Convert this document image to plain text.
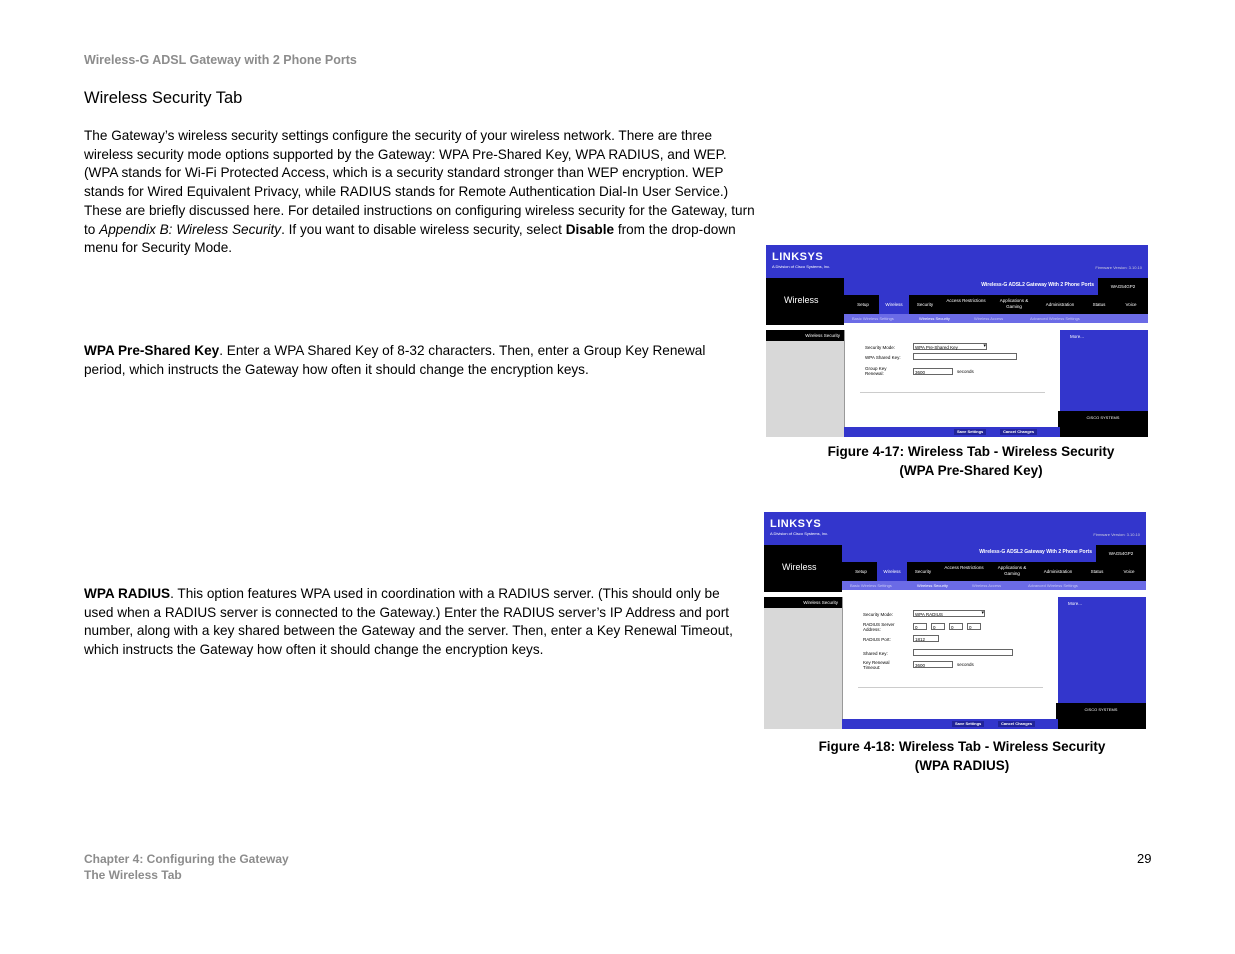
Wireless-G ADSL Gateway with 2 Phone Ports
Wireless Security Tab
The Gateway’s wireless security settings configure the security of your wireless network. There are three wireless security mode options supported by the Gateway: WPA Pre-Shared Key, WPA RADIUS, and WEP. (WPA stands for Wi-Fi Protected Access, which is a security standard stronger than WEP encryption. WEP stands for Wired Equivalent Privacy, while RADIUS stands for Remote Authentication Dial-In User Service.) These are briefly discussed here. For detailed instructions on configuring wireless security for the Gateway, turn to Appendix B: Wireless Security. If you want to disable wireless security, select Disable from the drop-down menu for Security Mode.
WPA Pre-Shared Key. Enter a WPA Shared Key of 8-32 characters. Then, enter a Group Key Renewal period, which instructs the Gateway how often it should change the encryption keys.
WPA RADIUS. This option features WPA used in coordination with a RADIUS server. (This should only be used when a RADIUS server is connected to the Gateway.) Enter the RADIUS server’s IP Address and port number, along with a key shared between the Gateway and the server. Then, enter a Key Renewal Timeout, which instructs the Gateway how often it should change the encryption keys.
LINKSYS
A Division of Cisco Systems, Inc.	Firmware Version: 3.10.10
Wireless
Wireless-G ADSL2 Gateway With 2 Phone Ports	WAG54GP2
Setup	Wireless	Security
Access Restrictions	Applications & Gaming	Administration	Status	Voice
Basic Wireless Settings	Wireless Security	Wireless Access	Advanced Wireless Settings
Wireless Security
Security Mode:	WPA Pre-Shared Key ▾
WPA Shared Key:
Group Key Renewal:	3600	seconds
More...
CISCO SYSTEMS
Save Settings	Cancel Changes
Figure 4-17: Wireless Tab - Wireless Security
(WPA Pre-Shared Key)
LINKSYS
A Division of Cisco Systems, Inc.	Firmware Version: 3.10.10
Wireless
Wireless-G ADSL2 Gateway With 2 Phone Ports	WAG54GP2
Setup	Wireless	Security
Access Restrictions	Applications & Gaming	Administration	Status	Voice
Basic Wireless Settings	Wireless Security	Wireless Access	Advanced Wireless Settings
Wireless Security
Security Mode:	WPA RADIUS ▾
RADIUS Server Address:	0	0	0	0
RADIUS Port:	1812
Shared Key:
Key Renewal Timeout:	3600	seconds
More...
CISCO SYSTEMS
Save Settings	Cancel Changes
Figure 4-18: Wireless Tab - Wireless Security
(WPA RADIUS)
Chapter 4: Configuring the Gateway
The Wireless Tab
29
